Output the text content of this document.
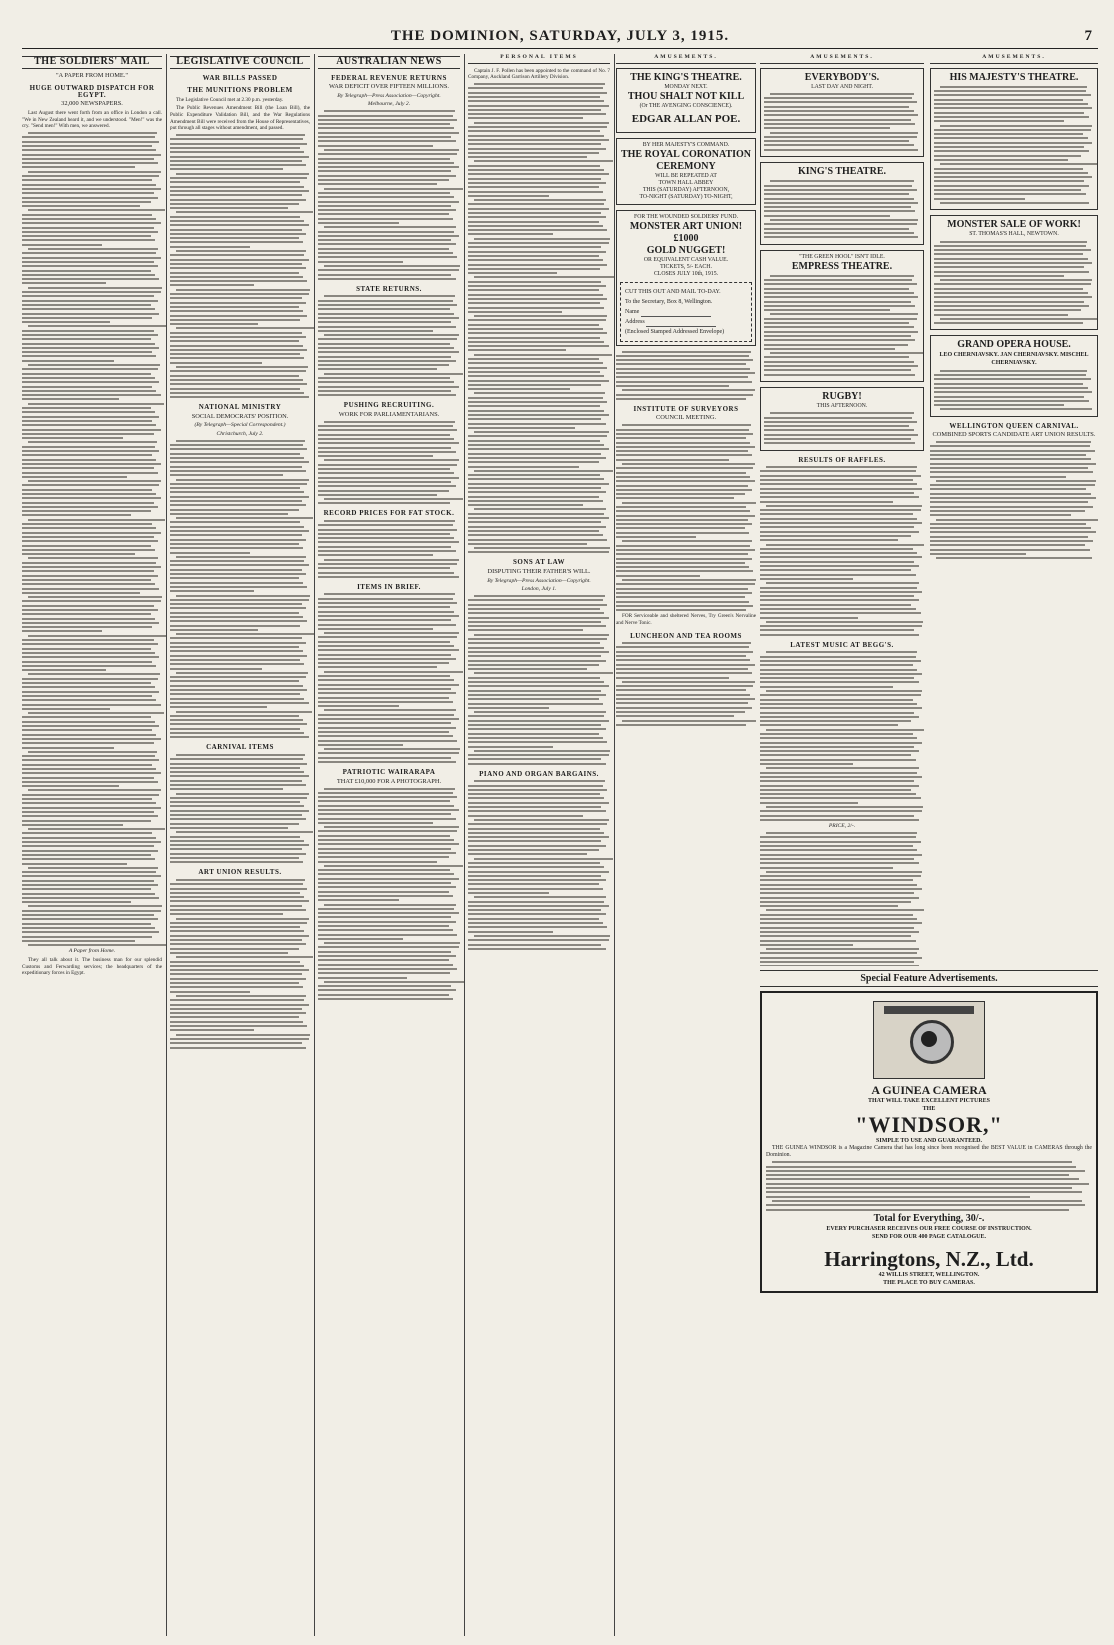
THE DOMINION, SATURDAY, JULY 3, 1915.	7
THE SOLDIERS' MAIL
"A PAPER FROM HOME."
HUGE OUTWARD DISPATCH FOR EGYPT.
32,000 NEWSPAPERS.

Last August there went forth from an office in London a call. "We in New Zealand heard it, and we understood. "Men!" was the cry. "Send men!" With men, we answered.

A Paper from Home.

They all talk about it. The business man for our splendid Customs and Ferwarding services; the headquarters of the expeditionary forces in Egypt.

LEGISLATIVE COUNCIL
WAR BILLS PASSED
THE MUNITIONS PROBLEM

The Legislative Council met at 2.30 p.m. yesterday.

The Public Revenues Amendment Bill (the Loan Bill), the Public Expenditure Validation Bill, and the War Regulations Amendment Bill were received from the House of Representatives, put through all stages without amendment, and passed.

NATIONAL MINISTRY
SOCIAL DEMOCRATS' POSITION.
(By Telegraph—Special Correspondent.)
Christchurch, July 2.
CARNIVAL ITEMS
ART UNION RESULTS.
AUSTRALIAN NEWS
FEDERAL REVENUE RETURNS
WAR DEFICIT OVER FIFTEEN MILLIONS.
By Telegraph—Press Association—Copyright.
Melbourne, July 2.
STATE RETURNS.
PUSHING RECRUITING.
WORK FOR PARLIAMENTARIANS.
RECORD PRICES FOR FAT STOCK.
ITEMS IN BRIEF.
PATRIOTIC WAIRARAPA
THAT £10,000 FOR A PHOTOGRAPH.
PERSONAL ITEMS

Captain J. F. Pollen has been appointed to the command of No. 7 Company, Auckland Garrison Artillery Division.

SONS AT LAW
DISPUTING THEIR FATHER'S WILL.
By Telegraph—Press Association—Copyright.
London, July 1.
PIANO AND ORGAN BARGAINS.
AMUSEMENTS.
THE KING'S THEATRE.
MONDAY NEXT.
THOU SHALT NOT KILL
(Or THE AVENGING CONSCIENCE).
EDGAR ALLAN POE.
BY HER MAJESTY'S COMMAND.
THE ROYAL CORONATION CEREMONY
WILL BE REPEATED AT
TOWN HALL ABBEY
THIS (SATURDAY) AFTERNOON,
TO-NIGHT (SATURDAY) TO-NIGHT,
FOR THE WOUNDED SOLDIERS' FUND.
MONSTER ART UNION!
£1000
GOLD NUGGET!
OR EQUIVALENT CASH VALUE.
TICKETS, 5/- EACH.
CLOSES JULY 10th, 1915.
CUT THIS OUT AND MAIL TO-DAY.
To the Secretary, Box 8, Wellington.
Name
Address
(Enclosed Stamped Addressed Envelope)
INSTITUTE OF SURVEYORS
COUNCIL MEETING.

FOR Serviceable and sheltered Nerves, Try Green's Nervaline and Nerve Tonic.

LUNCHEON AND TEA ROOMS
AMUSEMENTS.
EVERYBODY'S.
LAST DAY AND NIGHT.
KING'S THEATRE.
"THE GREEN HOOL" ISN'T IDLE.
EMPRESS THEATRE.
RUGBY!
THIS AFTERNOON.
RESULTS OF RAFFLES.
LATEST MUSIC AT BEGG'S.
PRICE, 2/-.
AMUSEMENTS.
HIS MAJESTY'S THEATRE.
MONSTER SALE OF WORK!
ST. THOMAS'S HALL, NEWTOWN.
GRAND OPERA HOUSE.
LEO CHERNIAVSKY. JAN CHERNIAVSKY. MISCHEL CHERNIAVSKY.
WELLINGTON QUEEN CARNIVAL.
COMBINED SPORTS CANDIDATE ART UNION RESULTS.
Special Feature Advertisements.
A GUINEA CAMERA
THAT WILL TAKE EXCELLENT PICTURES
THE
"WINDSOR,"
SIMPLE TO USE AND GUARANTEED.

THE GUINEA WINDSOR is a Magazine Camera that has long since been recognised the BEST VALUE in CAMERAS through the Dominion.

Total for Everything, 30/-.
EVERY PURCHASER RECEIVES OUR FREE COURSE OF INSTRUCTION.
SEND FOR OUR 400 PAGE CATALOGUE.
Harringtons, N.Z., Ltd.
42 WILLIS STREET, WELLINGTON.
THE PLACE TO BUY CAMERAS.
